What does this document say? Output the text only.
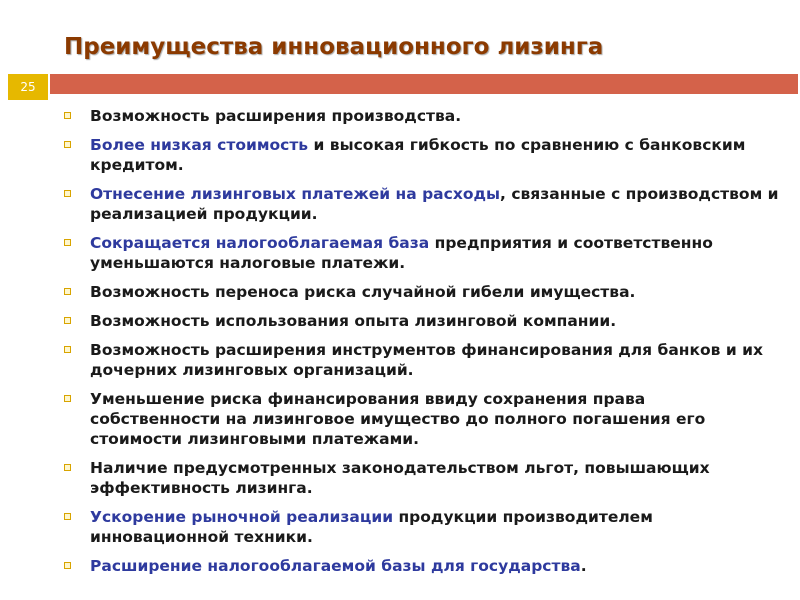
Преимущества инновационного лизинга
25
Возможность расширения производства.
Более низкая стоимость и высокая гибкость по сравнению с банковским кредитом.
Отнесение лизинговых платежей на расходы, связанные с производством и реализацией продукции.
Сокращается налогооблагаемая база предприятия и соответственно уменьшаются налоговые платежи.
Возможность переноса риска случайной гибели имущества.
Возможность использования опыта лизинговой компании.
Возможность расширения инструментов финансирования для банков и их дочерних лизинговых организаций.
Уменьшение риска финансирования ввиду сохранения права собственности на лизинговое имущество до полного погашения его стоимости лизинговыми платежами.
Наличие предусмотренных законодательством льгот, повышающих эффективность лизинга.
Ускорение рыночной реализации продукции производителем инновационной техники.
Расширение налогооблагаемой базы для государства.
